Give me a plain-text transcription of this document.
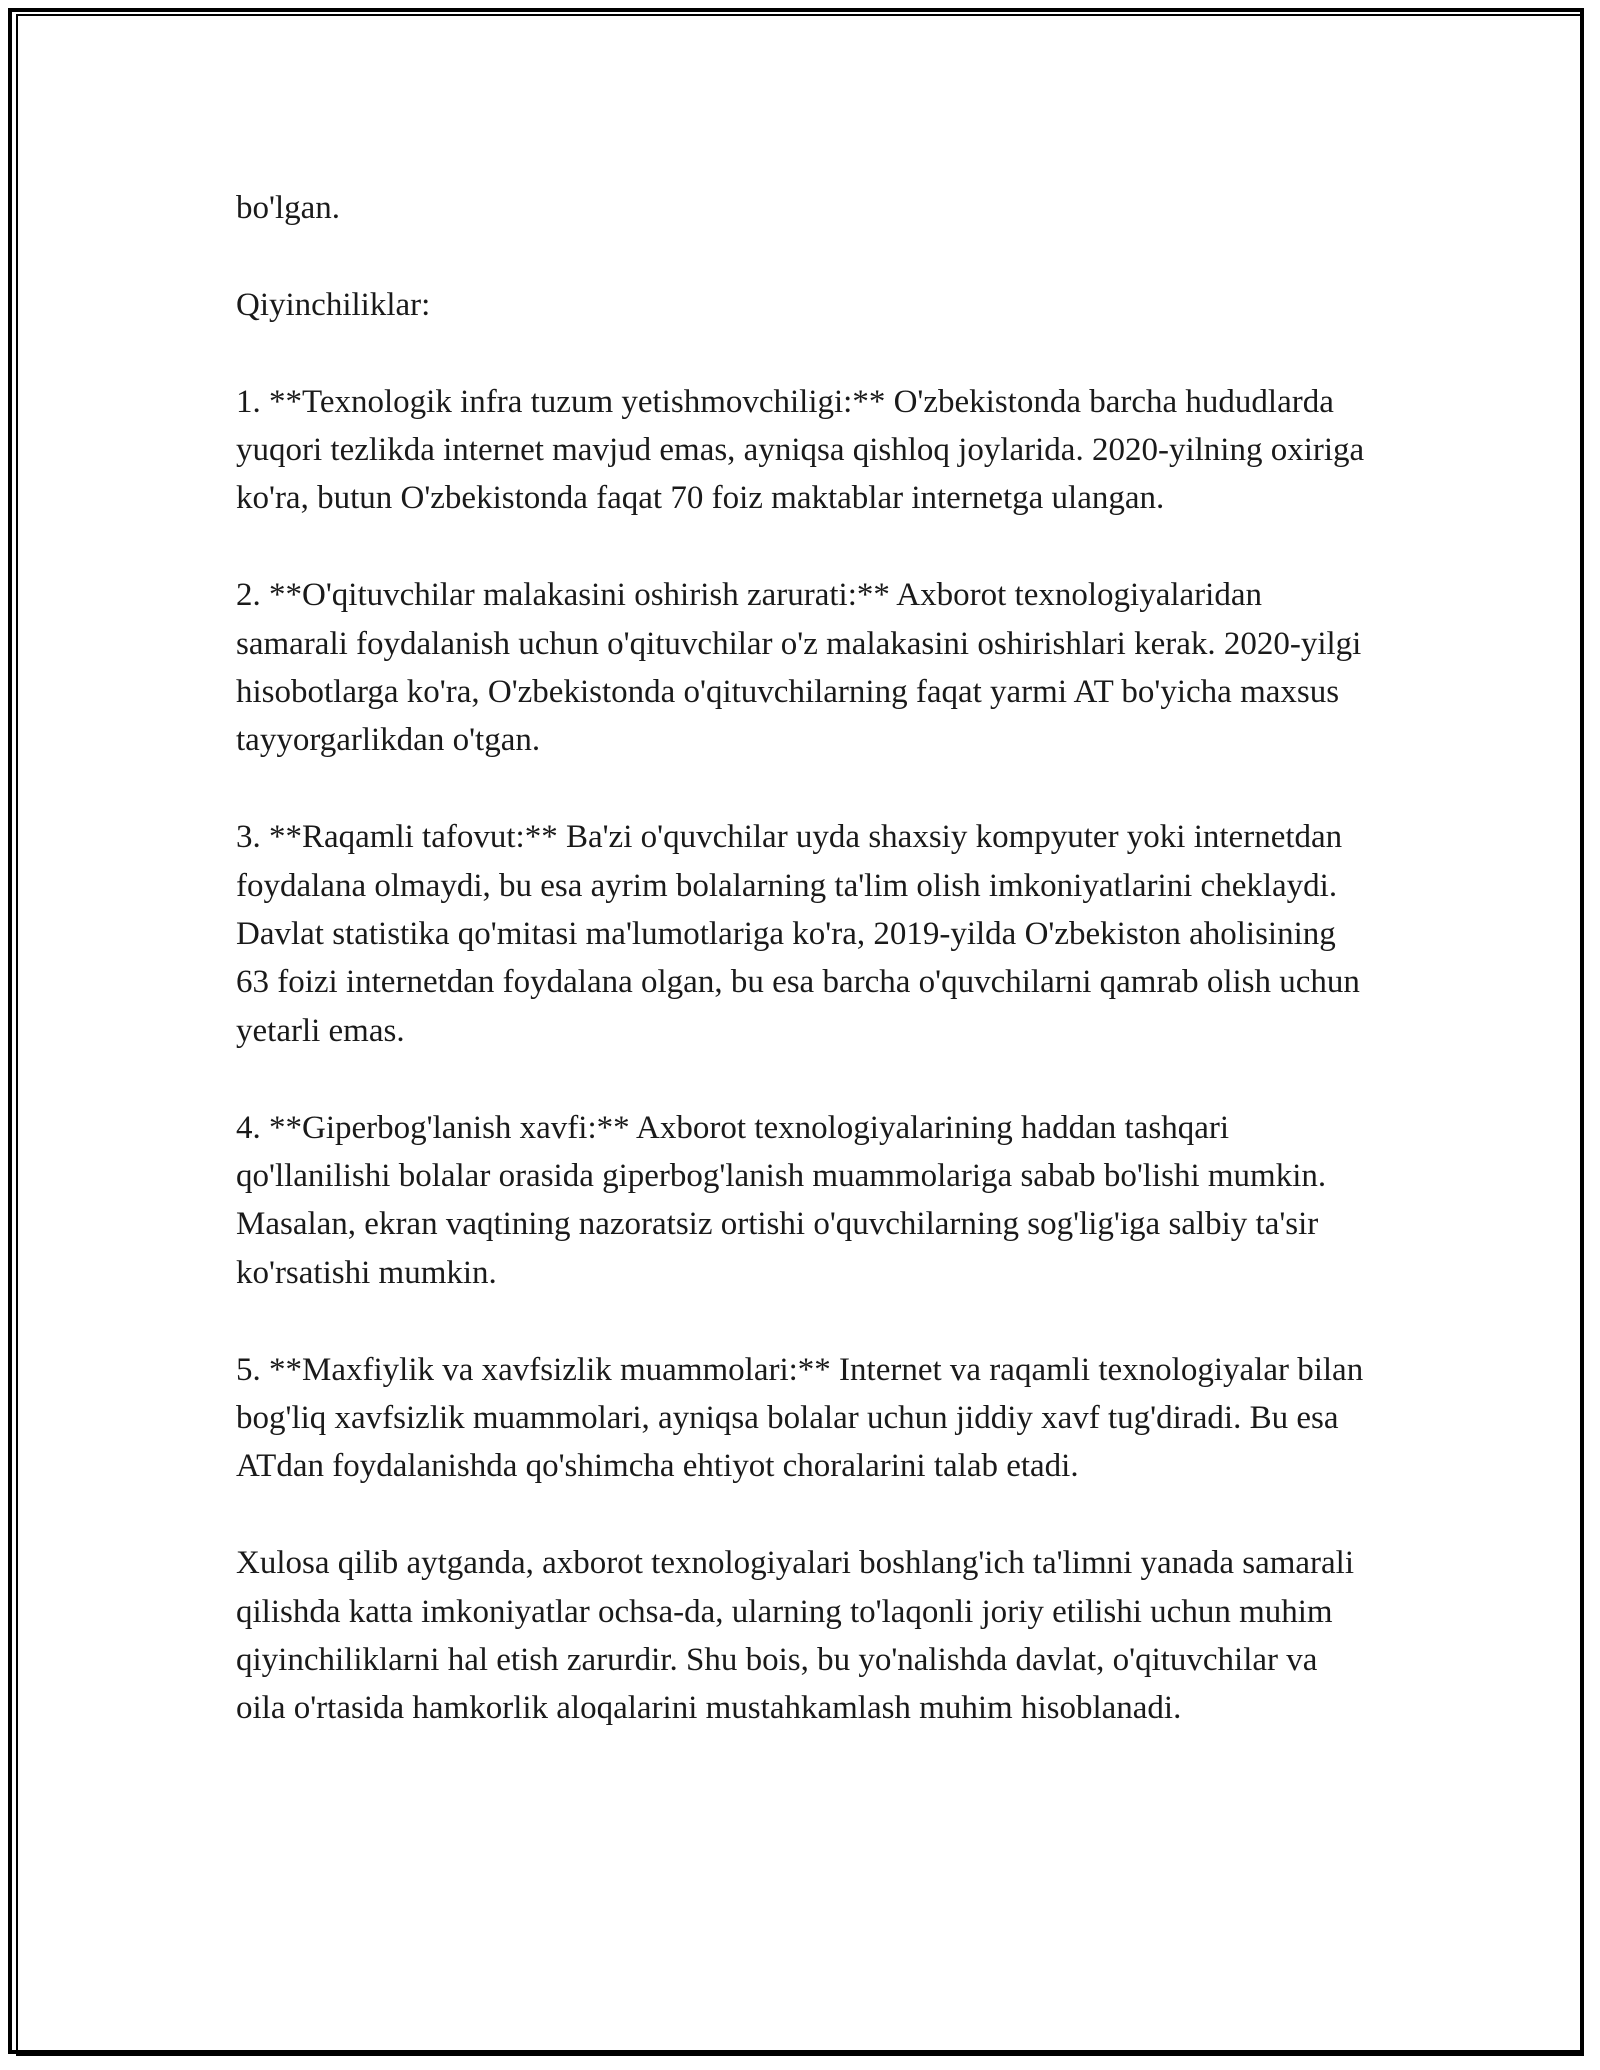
bo'lgan.

Qiyinchiliklar:

1. **Texnologik infra tuzum yetishmovchiligi:** O'zbekistonda barcha hududlarda yuqori tezlikda internet mavjud emas, ayniqsa qishloq joylarida. 2020-yilning oxiriga ko'ra, butun O'zbekistonda faqat 70 foiz maktablar internetga ulangan.

2. **O'qituvchilar malakasini oshirish zarurati:** Axborot texnologiyalaridan samarali foydalanish uchun o'qituvchilar o'z malakasini oshirishlari kerak. 2020-yilgi hisobotlarga ko'ra, O'zbekistonda o'qituvchilarning faqat yarmi AT bo'yicha maxsus tayyorgarlikdan o'tgan.

3. **Raqamli tafovut:** Ba'zi o'quvchilar uyda shaxsiy kompyuter yoki internetdan foydalana olmaydi, bu esa ayrim bolalarning ta'lim olish imkoniyatlarini cheklaydi. Davlat statistika qo'mitasi ma'lumotlariga ko'ra, 2019-yilda O'zbekiston aholisining 63 foizi internetdan foydalana olgan, bu esa barcha o'quvchilarni qamrab olish uchun yetarli emas.

4. **Giperbog'lanish xavfi:** Axborot texnologiyalarining haddan tashqari qo'llanilishi bolalar orasida giperbog'lanish muammolariga sabab bo'lishi mumkin. Masalan, ekran vaqtining nazoratsiz ortishi o'quvchilarning sog'lig'iga salbiy ta'sir ko'rsatishi mumkin.

5. **Maxfiylik va xavfsizlik muammolari:** Internet va raqamli texnologiyalar bilan bog'liq xavfsizlik muammolari, ayniqsa bolalar uchun jiddiy xavf tug'diradi. Bu esa ATdan foydalanishda qo'shimcha ehtiyot choralarini talab etadi.

Xulosa qilib aytganda, axborot texnologiyalari boshlang'ich ta'limni yanada samarali qilishda katta imkoniyatlar ochsa-da, ularning to'laqonli joriy etilishi uchun muhim qiyinchiliklarni hal etish zarurdir. Shu bois, bu yo'nalishda davlat, o'qituvchilar va oila o'rtasida hamkorlik aloqalarini mustahkamlash muhim hisoblanadi.
